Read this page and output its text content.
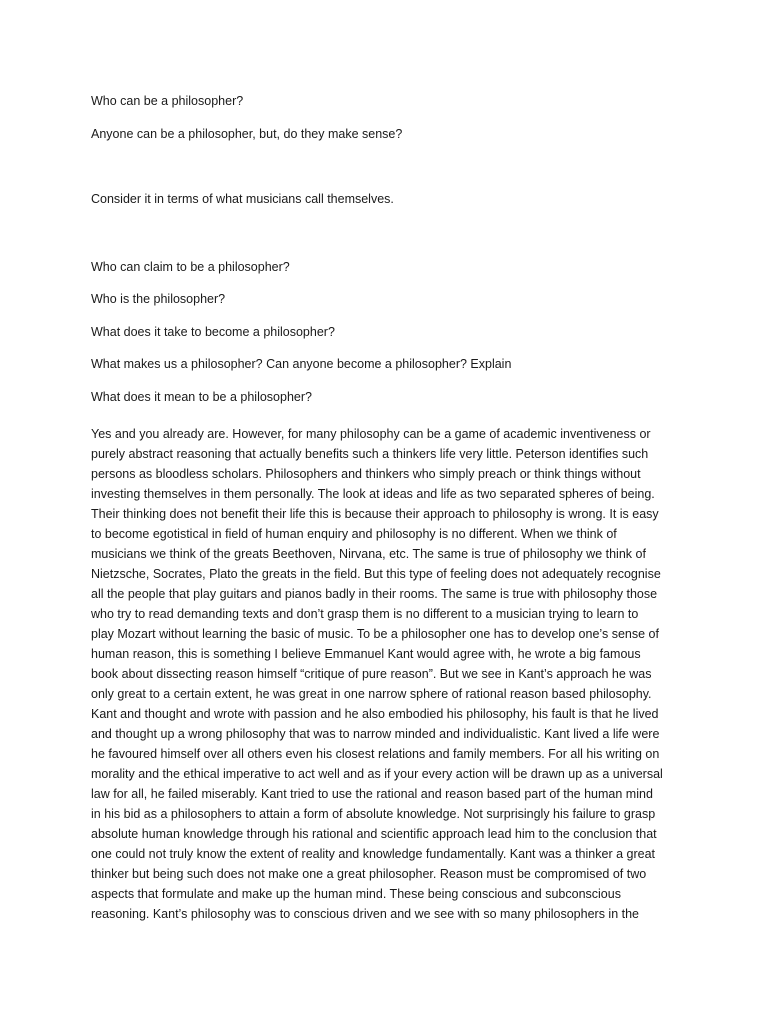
Who can be a philosopher?
Anyone can be a philosopher, but, do they make sense?
Consider it in terms of what musicians call themselves.
Who can claim to be a philosopher?
Who is the philosopher?
What does it take to become a philosopher?
What makes us a philosopher? Can anyone become a philosopher? Explain
What does it mean to be a philosopher?
Yes and you already are. However, for many philosophy can be a game of academic inventiveness or
purely abstract reasoning that actually benefits such a thinkers life very little. Peterson identifies such
persons as bloodless scholars. Philosophers and thinkers who simply preach or think things without
investing themselves in them personally. The look at ideas and life as two separated spheres of being.
Their thinking does not benefit their life this is because their approach to philosophy is wrong. It is easy
to become egotistical in field of human enquiry and philosophy is no different. When we think of
musicians we think of the greats Beethoven, Nirvana, etc. The same is true of philosophy we think of
Nietzsche, Socrates, Plato the greats in the field. But this type of feeling does not adequately recognise
all the people that play guitars and pianos badly in their rooms. The same is true with philosophy those
who try to read demanding texts and don’t grasp them is no different to a musician trying to learn to
play Mozart without learning the basic of music. To be a philosopher one has to develop one’s sense of
human reason, this is something I believe Emmanuel Kant would agree with, he wrote a big famous
book about dissecting reason himself “critique of pure reason”. But we see in Kant’s approach he was
only great to a certain extent, he was great in one narrow sphere of rational reason based philosophy.
Kant and thought and wrote with passion and he also embodied his philosophy, his fault is that he lived
and thought up a wrong philosophy that was to narrow minded and individualistic. Kant lived a life were
he favoured himself over all others even his closest relations and family members. For all his writing on
morality and the ethical imperative to act well and as if your every action will be drawn up as a universal
law for all, he failed miserably. Kant tried to use the rational and reason based part of the human mind
in his bid as a philosophers to attain a form of absolute knowledge. Not surprisingly his failure to grasp
absolute human knowledge through his rational and scientific approach lead him to the conclusion that
one could not truly know the extent of reality and knowledge fundamentally. Kant was a thinker a great
thinker but being such does not make one a great philosopher. Reason must be compromised of two
aspects that formulate and make up the human mind. These being conscious and subconscious
reasoning. Kant’s philosophy was to conscious driven and we see with so many philosophers in the
